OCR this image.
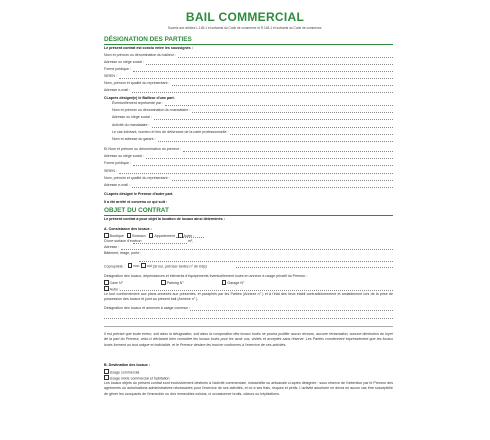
BAIL COMMERCIAL
Soumis aux articles L.145-1 et suivants du Code de commerce et R.145-1 et suivants du Code de commerce.
DÉSIGNATION DES PARTIES
Le présent contrat est conclu entre les soussignés :
Nom et prénom ou dénomination du bailleur :
Adresse ou siège social :
Forme juridique :
SIREN :
Nom, prénom et qualité du représentant :
Adresse e-mail :
Ci-après désigné(e) le Bailleur d'une part.
Éventuellement représenté par :
Nom et prénom ou dénomination du mandataire :
Adresse ou siège social :
Activité du mandataire :
Le cas échéant, numéro et lieu de délivrance de la carte professionnelle :
Nom et adresse du garant :
Et Nom et prénom ou dénomination du preneur :
Adresse ou siège social :
Forme juridique :
SIREN :
Nom, prénom et qualité du représentant :
Adresse e-mail :
Ci-après désigné le Preneur d'autre part.
Il a été arrêté et convenu ce qui suit :
OBJET DU CONTRAT
Le présent contrat a pour objet la location de locaux ainsi déterminés :
A. Consistance des locaux :
Boutique Bureaux Appartement Autre :
D'une surface d'environ	m²,
Adresse :
Bâtiment, étage, porte :
Copropriété : non oui (Si oui, préciser tantes n° de lot(s)
Désignation des locaux, dépendances et éléments d'équipements éventuellement loués en annexe à usage privatif du Preneur :
Cave N°	Parking N°	Garage N°
Autre :
Le tout conformément aux plans annexés aux présentes, et paraphés par les Parties (Annexe n° ) et à l'état des lieux établi contradictoirement et amiablement lors de la prise de possession des locaux et joint au présent bail (Annexe n° ).
Désignation des locaux et annexes à usage commun :
Il est précisé que toute erreur, soit dans la désignation, soit dans la composition des locaux loués ne pourra justifier aucun recours, aucune réclamation, aucune diminution du loyer de la part du Preneur, celui-ci déclarant bien connaître les locaux loués pour les avoir vus, visités et acceptés sans réserve. Les Parties conviennent expressément que les locaux loués forment un tout unique et indivisible, et le Preneur déclare les trouver conformes à l'exercice de ses activités.
B. Destination des locaux :
Usage commercial
Usage mixte commercial et habitation
Les locaux objets du présent contrat sont exclusivement destinés à l'activité commerciale, industrielle ou artisanale ci-après désignée : sous réserve de l'obtention par le Preneur des agréments ou autorisations administratives nécessaires pour l'exercice de ses activités, et ce à ses frais, risques et périls. L'activité autorisée ne devra en aucun cas être susceptible de gêner les occupants de l'immeuble ou des immeubles voisins, ni occasionner bruits, odeurs ou trépidations.
